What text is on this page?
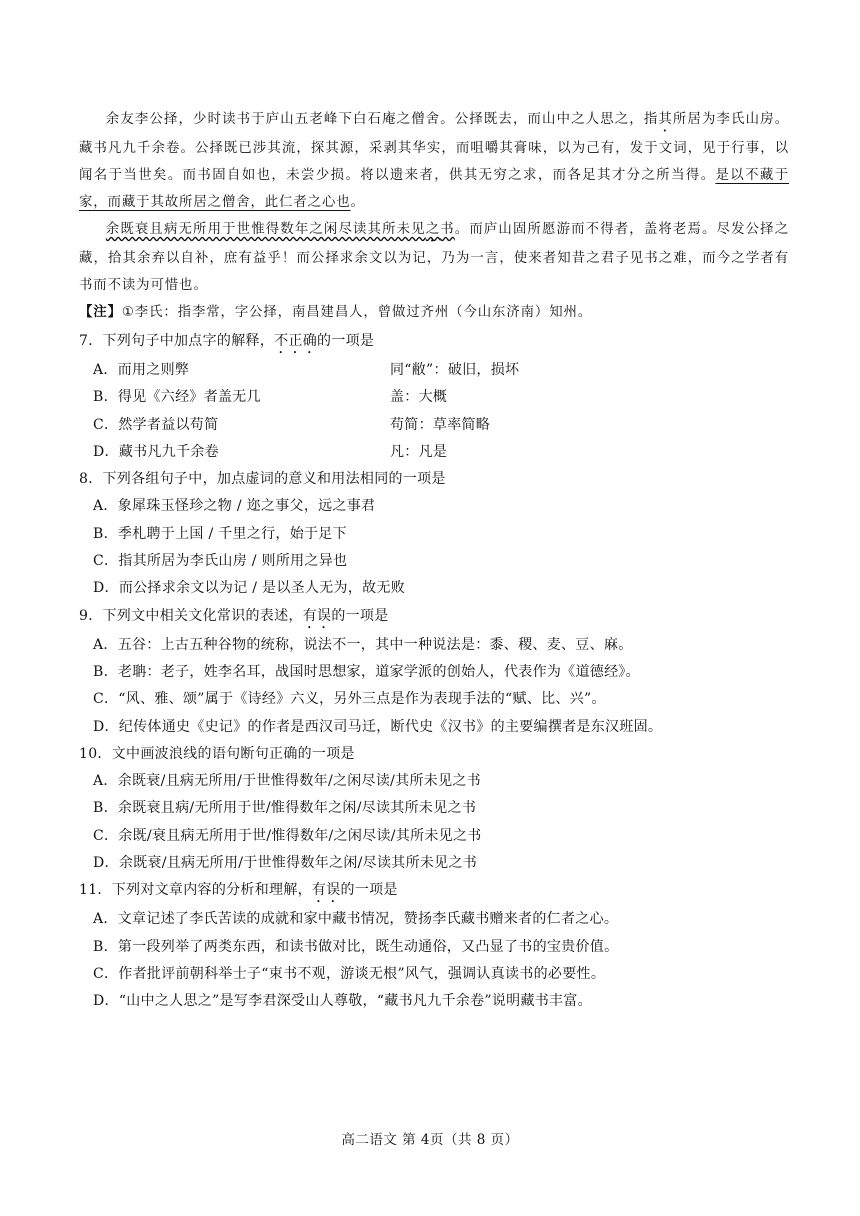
余友李公择，少时读书于庐山五老峰下白石庵之僧舍。公择既去，而山中之人思之，指其所居为李氏山房。藏书凡九千余卷。公择既已涉其流，探其源，采剥其华实，而咀嚼其膏味，以为己有，发于文词，见于行事，以闻名于当世矣。而书固自如也，未尝少损。将以遗来者，供其无穷之求，而各足其才分之所当得。是以不藏于家，而藏于其故所居之僧舍，此仁者之心也。

余既衰且病无所用于世惟得数年之闲尽读其所未见之书。而庐山固所愿游而不得者，盖将老焉。尽发公择之藏，拾其余弃以自补，庶有益乎！而公择求余文以为记，乃为一言，使来者知昔之君子见书之难，而今之学者有书而不读为可惜也。

【注】①李氏：指李常，字公择，南昌建昌人，曾做过齐州（今山东济南）知州。

7．下列句子中加点字的解释，不正确的一项是

A．而用之则弊	同“敝”：破旧，损坏
B．得见《六经》者盖无几	盖：大概
C．然学者益以苟简	苟简：草率简略
D．藏书凡九千余卷	凡：凡是

8．下列各组句子中，加点虚词的意义和用法相同的一项是

A．象犀珠玉怪珍之物 / 迩之事父，远之事君
B．季札聘于上国 / 千里之行，始于足下
C．指其所居为李氏山房 / 则所用之异也
D．而公择求余文以为记 / 是以圣人无为，故无败

9．下列文中相关文化常识的表述，有误的一项是

A．五谷：上古五种谷物的统称，说法不一，其中一种说法是：黍、稷、麦、豆、麻。
B．老聃：老子，姓李名耳，战国时思想家，道家学派的创始人，代表作为《道德经》。
C．“风、雅、颂”属于《诗经》六义，另外三点是作为表现手法的“赋、比、兴”。
D．纪传体通史《史记》的作者是西汉司马迁，断代史《汉书》的主要编撰者是东汉班固。

10．文中画波浪线的语句断句正确的一项是

A．余既衰/且病无所用/于世惟得数年/之闲尽读/其所未见之书
B．余既衰且病/无所用于世/惟得数年之闲/尽读其所未见之书
C．余既/衰且病无所用于世/惟得数年/之闲尽读/其所未见之书
D．余既衰/且病无所用/于世惟得数年之闲/尽读其所未见之书

11．下列对文章内容的分析和理解，有误的一项是

A．文章记述了李氏苦读的成就和家中藏书情况，赞扬李氏藏书赠来者的仁者之心。
B．第一段列举了两类东西，和读书做对比，既生动通俗，又凸显了书的宝贵价值。
C．作者批评前朝科举士子“束书不观，游谈无根”风气，强调认真读书的必要性。
D．“山中之人思之”是写李君深受山人尊敬，“藏书凡九千余卷”说明藏书丰富。
高二语文 第 4页（共 8 页）
